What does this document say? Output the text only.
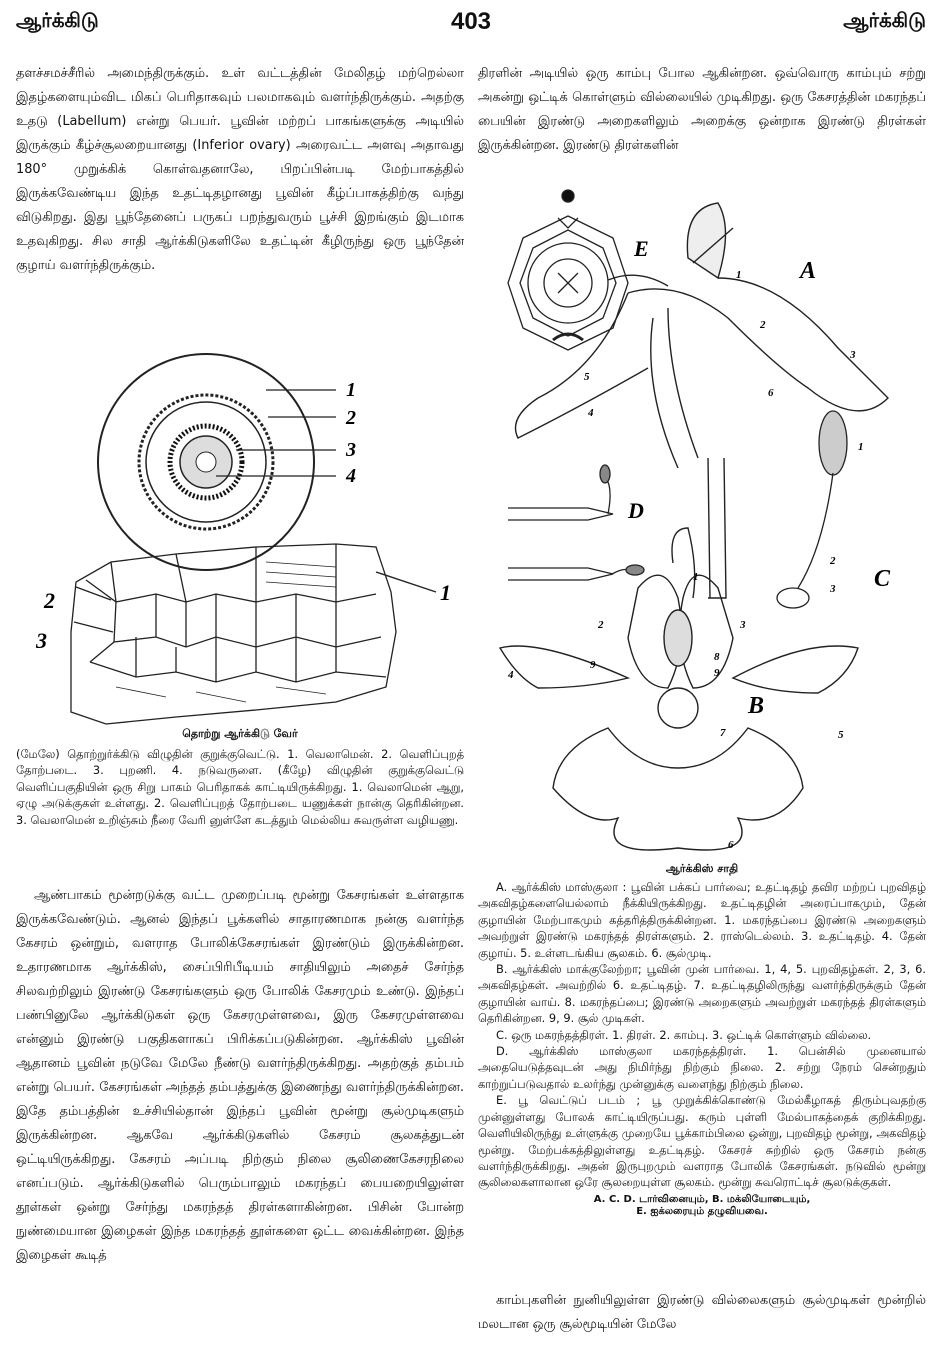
ஆர்க்கிடு	403	ஆர்க்கிடு

தளச்சமச்சீரில் அமைந்திருக்கும். உள் வட்டத்தின் மேலிதழ் மற்றெல்லா இதழ்களையும்விட மிகப் பெரிதாகவும் பலமாகவும் வளர்ந்திருக்கும். அதற்கு உதடு (Labellum) என்று பெயர். பூவின் மற்றப் பாகங்களுக்கு அடியில் இருக்கும் கீழ்ச்சூலறையானது (Inferior ovary) அரைவட்ட அளவு அதாவது 180° முறுக்கிக் கொள்வதனாலே, பிறப்பின்படி மேற்பாகத்தில் இருக்கவேண்டிய இந்த உதட்டிதழானது பூவின் கீழ்ப்பாகத்திற்கு வந்து விடுகிறது. இது பூந்தேனைப் பருகப் பறந்துவரும் பூச்சி இறங்கும் இடமாக உதவுகிறது. சில சாதி ஆர்க்கிடுகளிலே உதட்டின் கீழிருந்து ஒரு பூந்தேன் குழாய் வளர்ந்திருக்கும்.

1
2
3
4
2
3
1

தொற்று ஆர்க்கிடு வேர்

(மேலே) தொற்றுர்க்கிடு விழுதின் குறுக்குவெட்டு. 1. வெலாமென். 2. வெளிப்புறத் தோற்படை. 3. புறணி. 4. நடுவருளை. (கீழே) விழுதின் குறுக்குவெட்டு வெளிப்பகுதியின் ஒரு சிறு பாகம் பெரிதாகக் காட்டியிருக்கிறது. 1. வெலாமென் ஆறு, ஏழு அடுக்குகள் உள்ளது. 2. வெளிப்புறத் தோற்படை யணுக்கள் நான்கு தெரிகின்றன. 3. வெலாமென் உறிஞ்சும் நீரை வேரி னுள்ளே கடத்தும் மெல்லிய சுவருள்ள வழியணு.

ஆண்பாகம் மூன்றடுக்கு வட்ட முறைப்படி மூன்று கேசரங்கள் உள்ளதாக இருக்கவேண்டும். ஆனல் இந்தப் பூக்களில் சாதாரணமாக நன்கு வளர்ந்த கேசரம் ஒன்றும், வளராத போலிக்கேசரங்கள் இரண்டும் இருக்கின்றன. உதாரணமாக ஆர்க்கிஸ், சைப்பிரிபீடியம் சாதியிலும் அதைச் சேர்ந்த சிலவற்றிலும் இரண்டு கேசரங்களும் ஒரு போலிக் கேசரமும் உண்டு. இந்தப் பண்பினுலே ஆர்க்கிடுகள் ஒரு கேசரமுள்ளவை, இரு கேசரமுள்ளவை என்னும் இரண்டு பகுதிகளாகப் பிரிக்கப்படுகின்றன. ஆர்க்கிஸ் பூவின் ஆதானம் பூவின் நடுவே மேலே நீண்டு வளர்ந்திருக்கிறது. அதற்குத் தம்பம் என்று பெயர். கேசரங்கள் அந்தத் தம்பத்துக்கு இணைந்து வளர்ந்திருக்கின்றன. இதே தம்பத்தின் உச்சியில்தான் இந்தப் பூவின் மூன்று சூல்முடிகளும் இருக்கின்றன. ஆகவே ஆர்க்கிடுகளில் கேசரம் சூலகத்துடன் ஒட்டியிருக்கிறது. கேசரம் அப்படி நிற்கும் நிலை சூலிணைகேசரநிலை எனப்படும். ஆர்க்கிடுகளில் பெரும்பாலும் மகரந்தப் பையறையிலுள்ள தூள்கள் ஒன்று சேர்ந்து மகரந்தத் திரள்களாகின்றன. பிசின் போன்ற நுண்மையான இழைகள் இந்த மகரந்தத் தூள்களை ஒட்ட வைக்கின்றன. இந்த இழைகள் கூடித்

திரளின் அடியில் ஒரு காம்பு போல ஆகின்றன. ஒவ்வொரு காம்பும் சற்று அகன்று ஒட்டிக் கொள்ளும் வில்லையில் முடிகிறது. ஒரு கேசரத்தின் மகரந்தப் பையின் இரண்டு அறைகளிலும் அறைக்கு ஒன்றாக இரண்டு திரள்கள் இருக்கின்றன. இரண்டு திரள்களின்

E
A
1
2
3
4
5
6
1
2
3 C
D
B
1
2	3
4
5
6
7
8
9
9

ஆர்க்கிஸ் சாதி

A. ஆர்க்கிஸ் மாஸ்குலா : பூவின் பக்கப் பார்வை; உதட்டிதழ் தவிர மற்றப் புறவிதழ் அகவிதழ்களையெல்லாம் நீக்கியிருக்கிறது. உதட்டிதழின் அரைப்பாகமும், தேன் குழாயின் மேற்பாகமும் கத்தரித்திருக்கின்றன. 1. மகரந்தப்பை இரண்டு அறைகளும் அவற்றுள் இரண்டு மகரந்தத் திரள்களும். 2. ராஸ்டெல்லம். 3. உதட்டிதழ். 4. தேன் குழாய். 5. உள்ளடங்கிய சூலகம். 6. சூல்முடி.

B. ஆர்க்கிஸ் மாக்குலேற்றா; பூவின் முன் பார்வை. 1, 4, 5. புறவிதழ்கள். 2, 3, 6. அகவிதழ்கள். அவற்றில் 6. உதட்டிதழ். 7. உதட்டிதழிலிருந்து வளர்ந்திருக்கும் தேன் குழாயின் வாய். 8. மகரந்தப்பை; இரண்டு அறைகளும் அவற்றுள் மகரந்தத் திரள்களும் தெரிகின்றன. 9, 9. சூல் முடிகள்.

C. ஒரு மகரந்தத்திரள். 1. திரள். 2. காம்பு. 3. ஒட்டிக் கொள்ளும் வில்லை.

D. ஆர்க்கிஸ் மாஸ்குலா மகரந்தத்திரள். 1. பென்சில் முனையால் அதையெடுத்தவுடன் அது நிமிர்ந்து நிற்கும் நிலை. 2. சற்று நேரம் சென்றதும் காற்றுப்படுவதால் உலர்ந்து முன்னுக்கு வளைந்து நிற்கும் நிலை.

E. பூ வெட்டுப் படம் ; பூ முறுக்கிக்கொண்டு மேல்கீழாகத் திரும்புவதற்கு முன்னுள்ளது போலக் காட்டியிருப்பது. கரும் புள்ளி மேல்பாகத்தைக் குறிக்கிறது. வெளியிலிருந்து உள்ளுக்கு முறையே பூக்காம்பிலை ஒன்று, புறவிதழ் மூன்று, அகவிதழ் மூன்று. மேற்பக்கத்திலுள்ளது உதட்டிதழ். கேசரச் சுற்றில் ஒரு கேசரம் நன்கு வளர்ந்திருக்கிறது. அதன் இருபுறமும் வளராத போலிக் கேசரங்கள். நடுவில் மூன்று சூலிலைகளாலான ஒரே சூலறையுள்ள சூலகம். மூன்று சுவரொட்டிச் சூலடுக்குகள்.

A. C. D. டார்வினையும், B. மக்லியோடையும்,

E. ஐக்லரையும் தழுவியவை.

காம்புகளின் நுனியிலுள்ள இரண்டு வில்லைகளும் சூல்முடிகள் மூன்றில் மலடான ஒரு சூல்மூடியின் மேலே
